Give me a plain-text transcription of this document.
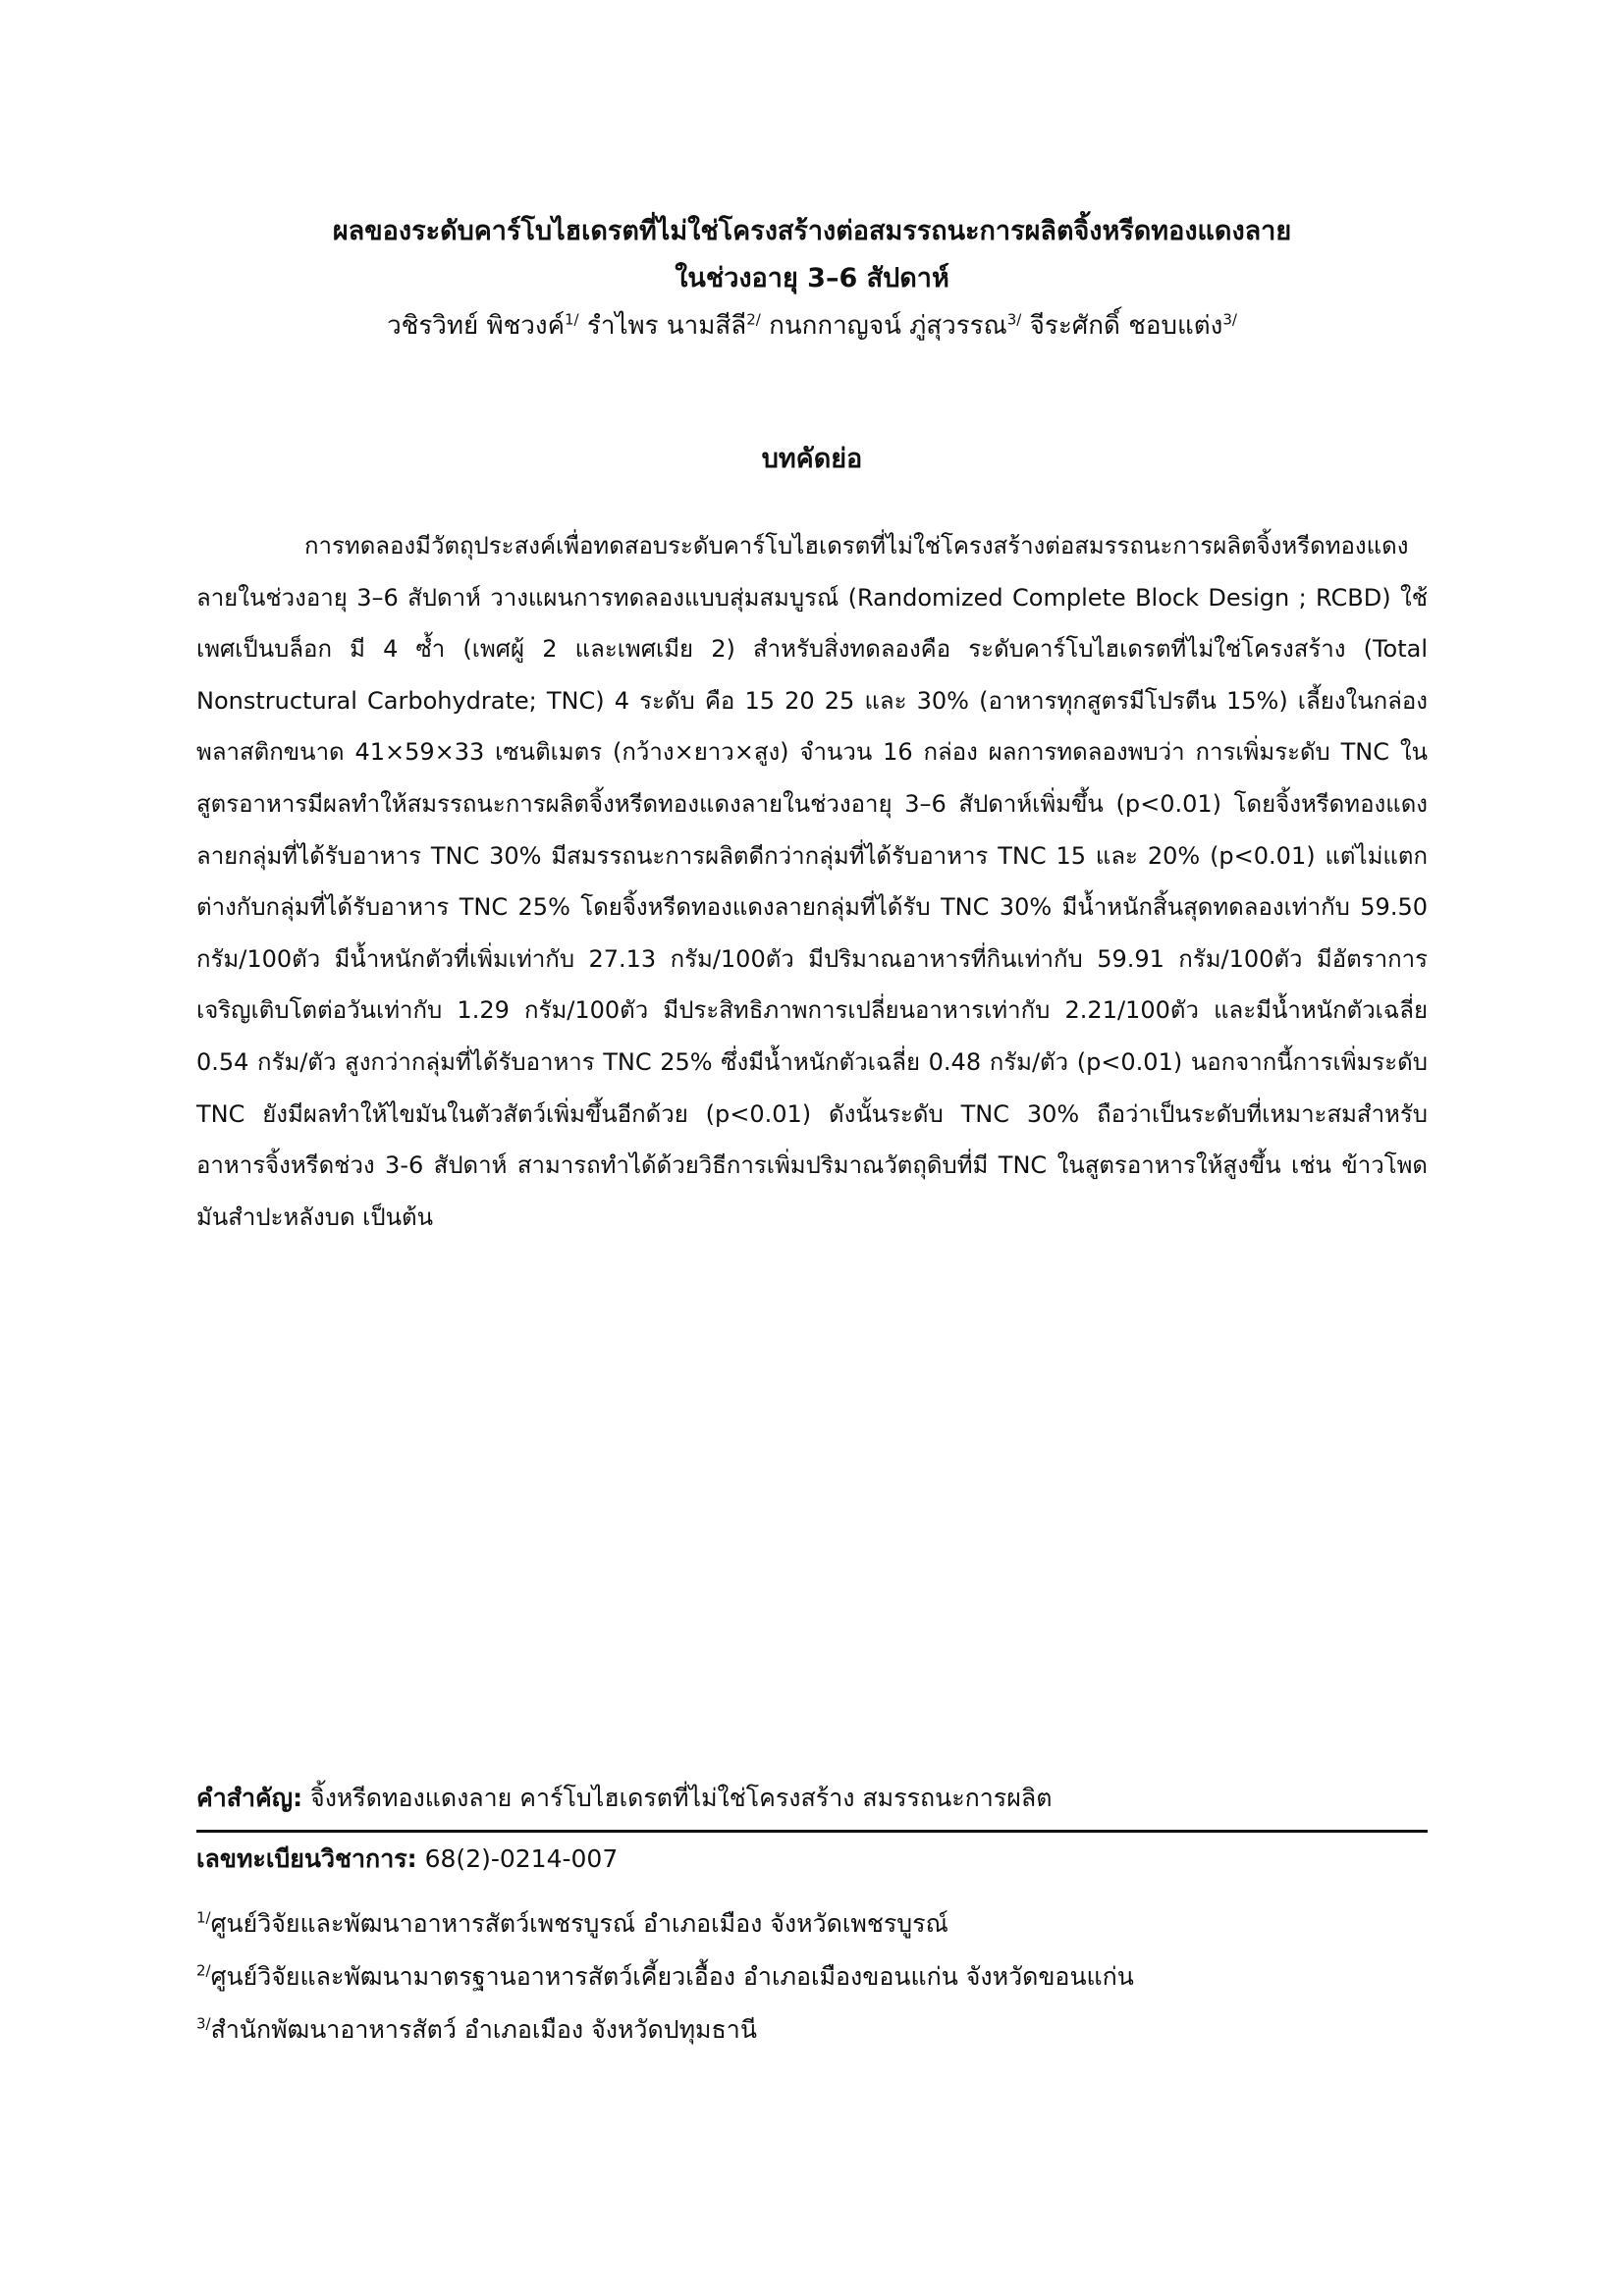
ผลของระดับคาร์โบไฮเดรตที่ไม่ใช่โครงสร้างต่อสมรรถนะการผลิตจิ้งหรีดทองแดงลาย
ในช่วงอายุ 3–6 สัปดาห์
วชิรวิทย์ พิชวงค์$^{1/}$ รำไพร นามสีลี$^{2/}$ กนกกาญจน์ ภู่สุวรรณ$^{3/}$ จีระศักดิ์ ชอบแต่ง$^{3/}$
บทคัดย่อ
การทดลองมีวัตถุประสงค์เพื่อทดสอบระดับคาร์โบไฮเดรตที่ไม่ใช่โครงสร้างต่อสมรรถนะการผลิตจิ้งหรีดทองแดงลายในช่วงอายุ 3–6 สัปดาห์ วางแผนการทดลองแบบสุ่มสมบูรณ์ (Randomized Complete Block Design ; RCBD) ใช้เพศเป็นบล็อก มี 4 ซ้ำ (เพศผู้ 2 และเพศเมีย 2) สำหรับสิ่งทดลองคือ ระดับคาร์โบไฮเดรตที่ไม่ใช่โครงสร้าง (Total Nonstructural Carbohydrate; TNC) 4 ระดับ คือ 15 20 25 และ 30% (อาหารทุกสูตรมีโปรตีน 15%) เลี้ยงในกล่องพลาสติกขนาด 41×59×33 เซนติเมตร (กว้าง×ยาว×สูง) จำนวน 16 กล่อง ผลการทดลองพบว่า การเพิ่มระดับ TNC ในสูตรอาหารมีผลทำให้สมรรถนะการผลิตจิ้งหรีดทองแดงลายในช่วงอายุ 3–6 สัปดาห์เพิ่มขึ้น (p<0.01) โดยจิ้งหรีดทองแดงลายกลุ่มที่ได้รับอาหาร TNC 30% มีสมรรถนะการผลิตดีกว่ากลุ่มที่ได้รับอาหาร TNC 15 และ 20% (p<0.01) แต่ไม่แตกต่างกับกลุ่มที่ได้รับอาหาร TNC 25% โดยจิ้งหรีดทองแดงลายกลุ่มที่ได้รับ TNC 30% มีน้ำหนักสิ้นสุดทดลองเท่ากับ 59.50 กรัม/100ตัว มีน้ำหนักตัวที่เพิ่มเท่ากับ 27.13 กรัม/100ตัว มีปริมาณอาหารที่กินเท่ากับ 59.91 กรัม/100ตัว มีอัตราการเจริญเติบโตต่อวันเท่ากับ 1.29 กรัม/100ตัว มีประสิทธิภาพการเปลี่ยนอาหารเท่ากับ 2.21/100ตัว และมีน้ำหนักตัวเฉลี่ย 0.54 กรัม/ตัว สูงกว่ากลุ่มที่ได้รับอาหาร TNC 25% ซึ่งมีน้ำหนักตัวเฉลี่ย 0.48 กรัม/ตัว (p<0.01) นอกจากนี้การเพิ่มระดับ TNC ยังมีผลทำให้ไขมันในตัวสัตว์เพิ่มขึ้นอีกด้วย (p<0.01) ดังนั้นระดับ TNC 30% ถือว่าเป็นระดับที่เหมาะสมสำหรับอาหารจิ้งหรีดช่วง 3-6 สัปดาห์ สามารถทำได้ด้วยวิธีการเพิ่มปริมาณวัตถุดิบที่มี TNC ในสูตรอาหารให้สูงขึ้น เช่น ข้าวโพด มันสำปะหลังบด เป็นต้น
คำสำคัญ: จิ้งหรีดทองแดงลาย คาร์โบไฮเดรตที่ไม่ใช่โครงสร้าง สมรรถนะการผลิต
เลขทะเบียนวิชาการ: 68(2)-0214-007
$^{1/}$ศูนย์วิจัยและพัฒนาอาหารสัตว์เพชรบูรณ์ อำเภอเมือง จังหวัดเพชรบูรณ์
$^{2/}$ศูนย์วิจัยและพัฒนามาตรฐานอาหารสัตว์เคี้ยวเอื้อง อำเภอเมืองขอนแก่น จังหวัดขอนแก่น
$^{3/}$สำนักพัฒนาอาหารสัตว์ อำเภอเมือง จังหวัดปทุมธานี
